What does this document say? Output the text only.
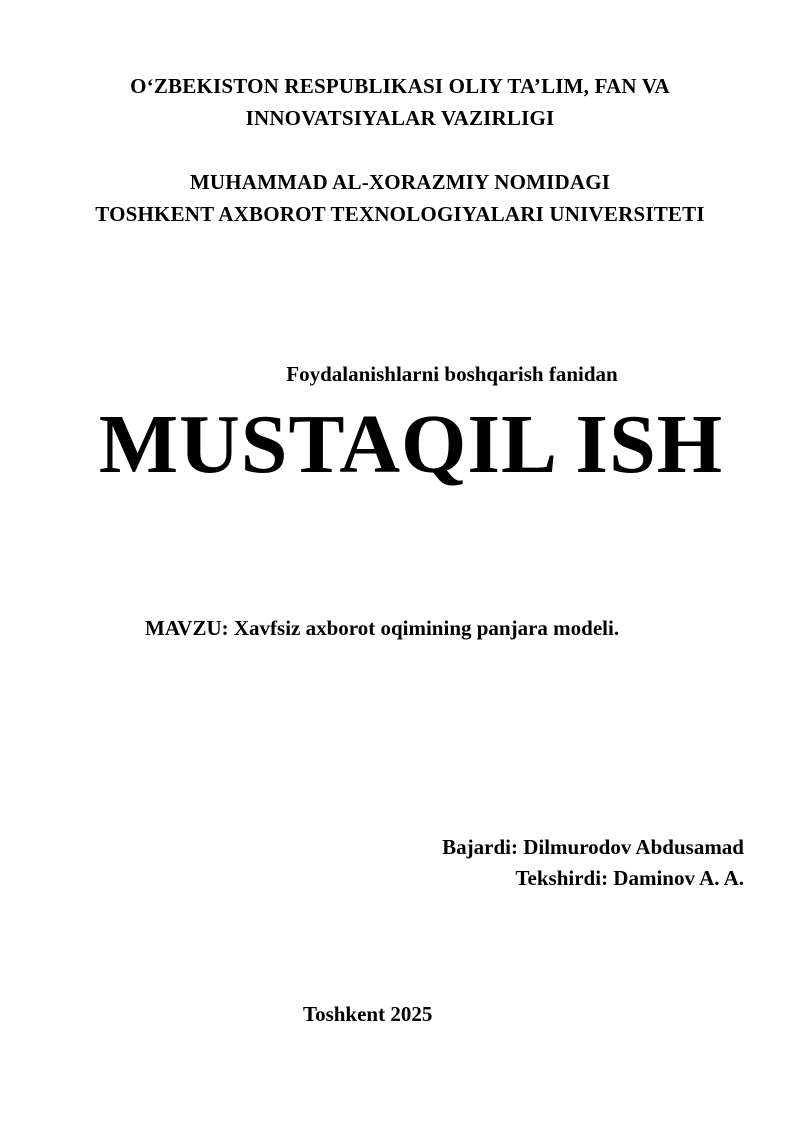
O‘ZBEKISTON RESPUBLIKASI OLIY TA’LIM, FAN VA
INNOVATSIYALAR VAZIRLIGI
MUHAMMAD AL-XORAZMIY NOMIDAGI
TOSHKENT AXBOROT TEXNOLOGIYALARI UNIVERSITETI
Foydalanishlarni boshqarish fanidan
MUSTAQIL ISH
MAVZU: Xavfsiz axborot oqimining panjara modeli.
Bajardi: Dilmurodov Abdusamad
Tekshirdi: Daminov A. A.
Toshkent 2025
